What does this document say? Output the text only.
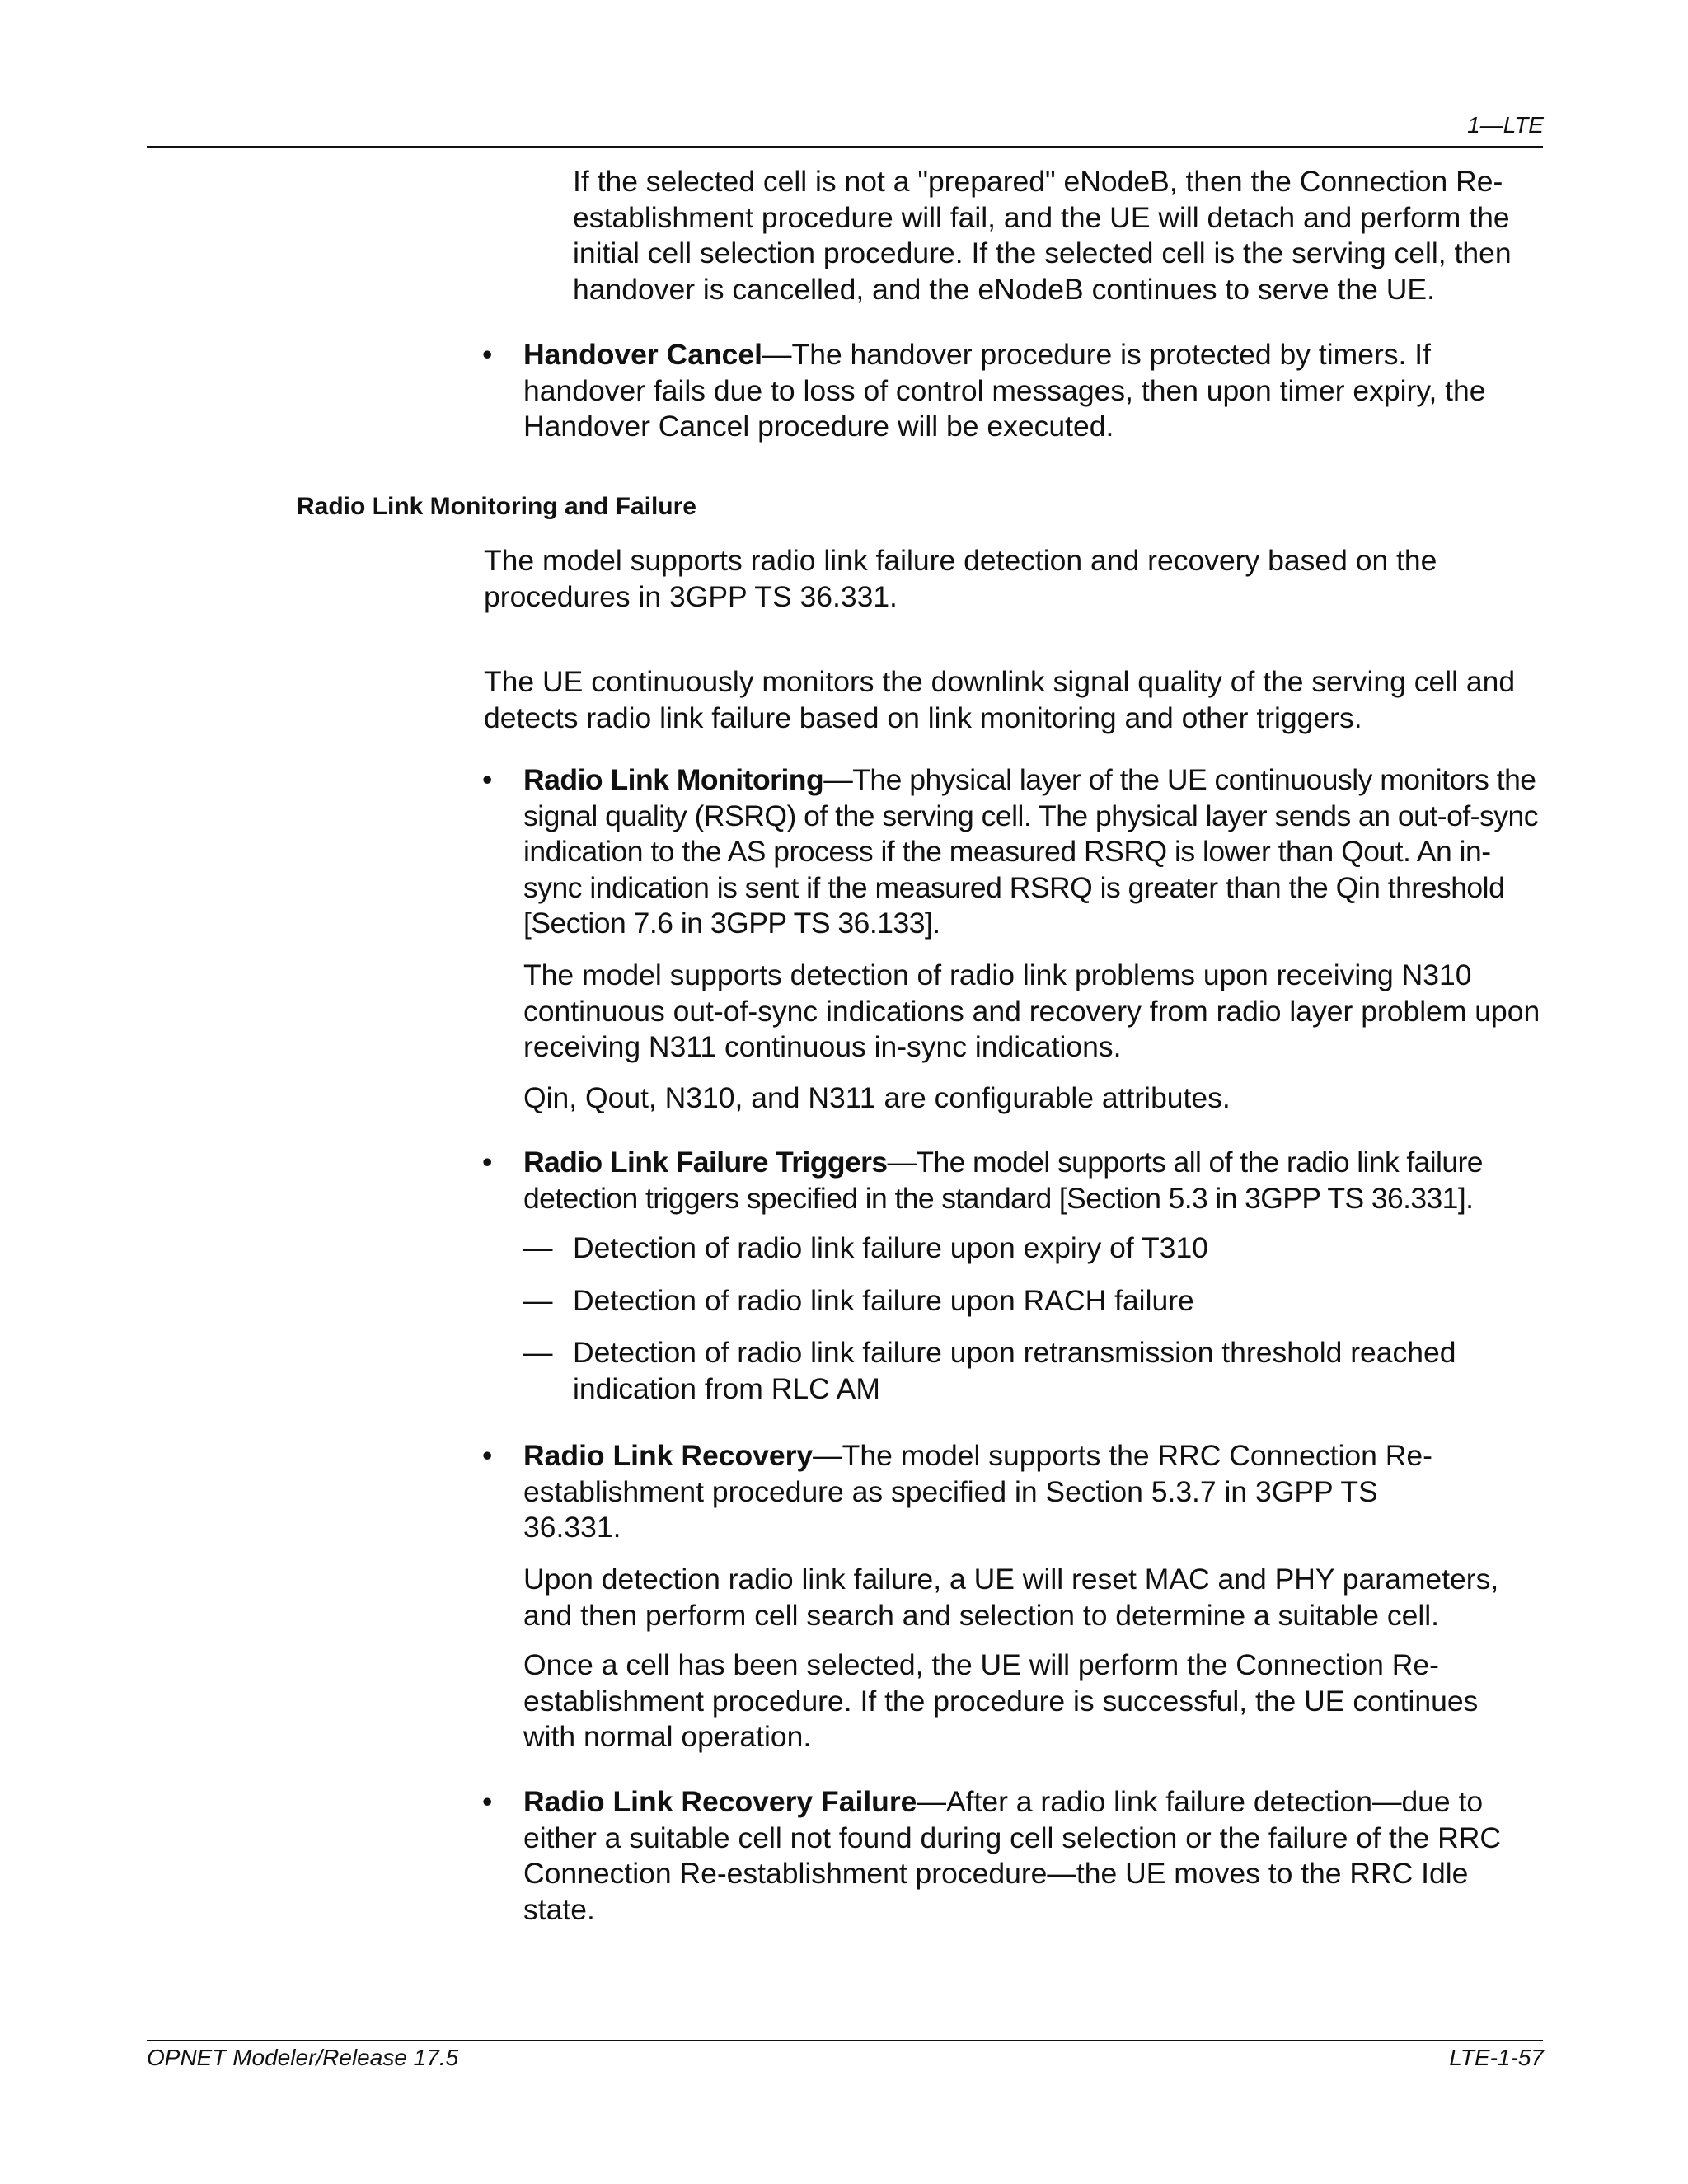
1—LTE

If the selected cell is not a "prepared" eNodeB, then the Connection Re-establishment procedure will fail, and the UE will detach and perform the initial cell selection procedure. If the selected cell is the serving cell, then handover is cancelled, and the eNodeB continues to serve the UE.

• Handover Cancel—The handover procedure is protected by timers. If handover fails due to loss of control messages, then upon timer expiry, the Handover Cancel procedure will be executed.

Radio Link Monitoring and Failure

The model supports radio link failure detection and recovery based on the procedures in 3GPP TS 36.331.

The UE continuously monitors the downlink signal quality of the serving cell and detects radio link failure based on link monitoring and other triggers.

• Radio Link Monitoring—The physical layer of the UE continuously monitors the signal quality (RSRQ) of the serving cell. The physical layer sends an out-of-sync indication to the AS process if the measured RSRQ is lower than Qout. An in-sync indication is sent if the measured RSRQ is greater than the Qin threshold [Section 7.6 in 3GPP TS 36.133].

The model supports detection of radio link problems upon receiving N310 continuous out-of-sync indications and recovery from radio layer problem upon receiving N311 continuous in-sync indications.

Qin, Qout, N310, and N311 are configurable attributes.

• Radio Link Failure Triggers—The model supports all of the radio link failure detection triggers specified in the standard [Section 5.3 in 3GPP TS 36.331].

— Detection of radio link failure upon expiry of T310

— Detection of radio link failure upon RACH failure

— Detection of radio link failure upon retransmission threshold reached indication from RLC AM

• Radio Link Recovery—The model supports the RRC Connection Re-establishment procedure as specified in Section 5.3.7 in 3GPP TS 36.331.

Upon detection radio link failure, a UE will reset MAC and PHY parameters, and then perform cell search and selection to determine a suitable cell.

Once a cell has been selected, the UE will perform the Connection Re-establishment procedure. If the procedure is successful, the UE continues with normal operation.

• Radio Link Recovery Failure—After a radio link failure detection—due to either a suitable cell not found during cell selection or the failure of the RRC Connection Re-establishment procedure—the UE moves to the RRC Idle state.

OPNET Modeler/Release 17.5	LTE-1-57
